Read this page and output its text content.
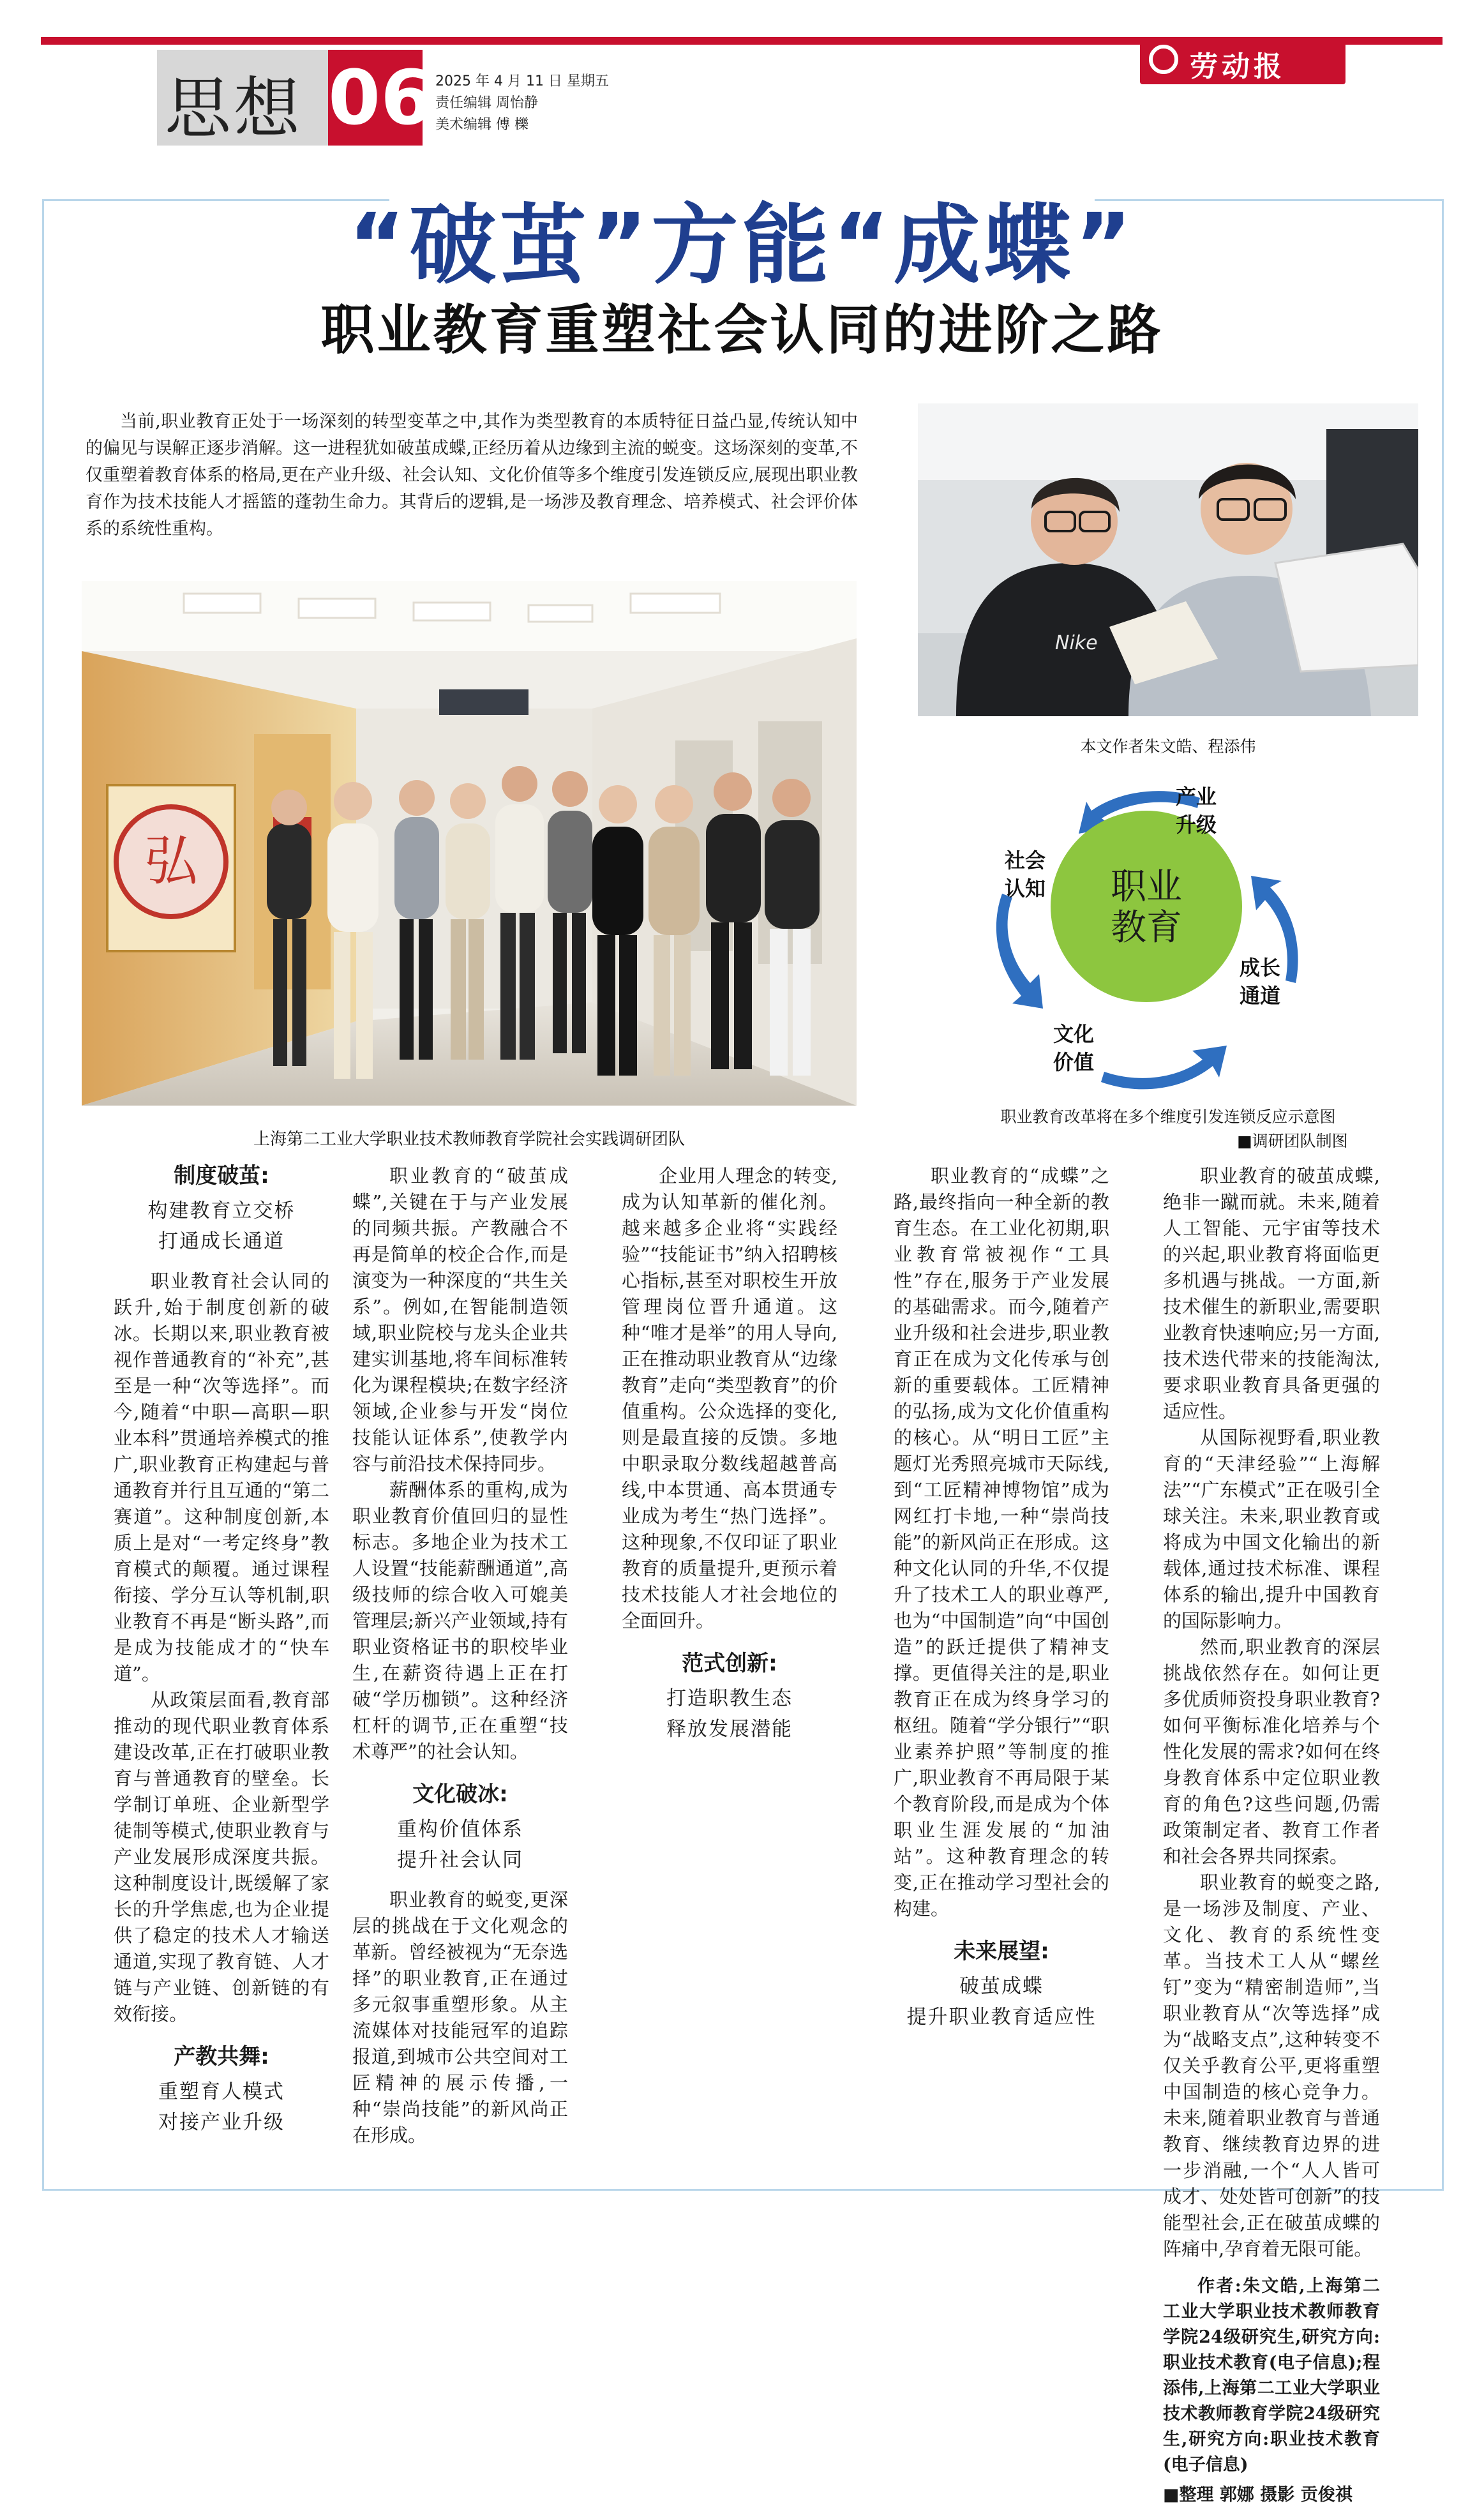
思想 06 2025 年 4 月 11 日 星期五
责任编辑 周怡静
美术编辑 傅 櫟
劳动报
“破茧”方能“成蝶”
职业教育重塑社会认同的进阶之路
当前,职业教育正处于一场深刻的转型变革之中,其作为类型教育的本质特征日益凸显,传统认知中的偏见与误解正逐步消解。这一进程犹如破茧成蝶,正经历着从边缘到主流的蜕变。这场深刻的变革,不仅重塑着教育体系的格局,更在产业升级、社会认知、文化价值等多个维度引发连锁反应,展现出职业教育作为技术技能人才摇篮的蓬勃生命力。其背后的逻辑,是一场涉及教育理念、培养模式、社会评价体系的系统性重构。
弘
上海第二工业大学职业技术教师教育学院社会实践调研团队
Nike
本文作者朱文皓、程添伟
职业
教育
产业
升级
成长
通道
文化
价值
社会
认知
职业教育改革将在多个维度引发连锁反应示意图
■调研团队制图
制度破茧:
构建教育立交桥
打通成长通道

职业教育社会认同的跃升,始于制度创新的破冰。长期以来,职业教育被视作普通教育的“补充”,甚至是一种“次等选择”。而今,随着“中职—高职—职业本科”贯通培养模式的推广,职业教育正构建起与普通教育并行且互通的“第二赛道”。这种制度创新,本质上是对“一考定终身”教育模式的颠覆。通过课程衔接、学分互认等机制,职业教育不再是“断头路”,而是成为技能成才的“快车道”。

从政策层面看,教育部推动的现代职业教育体系建设改革,正在打破职业教育与普通教育的壁垒。长学制订单班、企业新型学徒制等模式,使职业教育与产业发展形成深度共振。这种制度设计,既缓解了家长的升学焦虑,也为企业提供了稳定的技术人才输送通道,实现了教育链、人才链与产业链、创新链的有效衔接。

产教共舞:
重塑育人模式
对接产业升级

职业教育的“破茧成蝶”,关键在于与产业发展的同频共振。产教融合不再是简单的校企合作,而是演变为一种深度的“共生关系”。例如,在智能制造领域,职业院校与龙头企业共建实训基地,将车间标准转化为课程模块;在数字经济领域,企业参与开发“岗位技能认证体系”,使教学内容与前沿技术保持同步。

薪酬体系的重构,成为职业教育价值回归的显性标志。多地企业为技术工人设置“技能薪酬通道”,高级技师的综合收入可媲美管理层;新兴产业领域,持有职业资格证书的职校毕业生,在薪资待遇上正在打破“学历枷锁”。这种经济杠杆的调节,正在重塑“技术尊严”的社会认知。

文化破冰:
重构价值体系
提升社会认同

职业教育的蜕变,更深层的挑战在于文化观念的革新。曾经被视为“无奈选择”的职业教育,正在通过多元叙事重塑形象。从主流媒体对技能冠军的追踪报道,到城市公共空间对工匠精神的展示传播,一种“崇尚技能”的新风尚正在形成。

企业用人理念的转变,成为认知革新的催化剂。越来越多企业将“实践经验”“技能证书”纳入招聘核心指标,甚至对职校生开放管理岗位晋升通道。这种“唯才是举”的用人导向,正在推动职业教育从“边缘教育”走向“类型教育”的价值重构。公众选择的变化,则是最直接的反馈。多地中职录取分数线超越普高线,中本贯通、高本贯通专业成为考生“热门选择”。这种现象,不仅印证了职业教育的质量提升,更预示着技术技能人才社会地位的全面回升。

范式创新:
打造职教生态
释放发展潜能

职业教育的“成蝶”之路,最终指向一种全新的教育生态。在工业化初期,职业教育常被视作“工具性”存在,服务于产业发展的基础需求。而今,随着产业升级和社会进步,职业教育正在成为文化传承与创新的重要载体。工匠精神的弘扬,成为文化价值重构的核心。从“明日工匠”主题灯光秀照亮城市天际线,到“工匠精神博物馆”成为网红打卡地,一种“崇尚技能”的新风尚正在形成。这种文化认同的升华,不仅提升了技术工人的职业尊严,也为“中国制造”向“中国创造”的跃迁提供了精神支撑。更值得关注的是,职业教育正在成为终身学习的枢纽。随着“学分银行”“职业素养护照”等制度的推广,职业教育不再局限于某个教育阶段,而是成为个体职业生涯发展的“加油站”。这种教育理念的转变,正在推动学习型社会的构建。

未来展望:
破茧成蝶
提升职业教育适应性

职业教育的破茧成蝶,绝非一蹴而就。未来,随着人工智能、元宇宙等技术的兴起,职业教育将面临更多机遇与挑战。一方面,新技术催生的新职业,需要职业教育快速响应;另一方面,技术迭代带来的技能淘汰,要求职业教育具备更强的适应性。

从国际视野看,职业教育的“天津经验”“上海解法”“广东模式”正在吸引全球关注。未来,职业教育或将成为中国文化输出的新载体,通过技术标准、课程体系的输出,提升中国教育的国际影响力。

然而,职业教育的深层挑战依然存在。如何让更多优质师资投身职业教育?如何平衡标准化培养与个性化发展的需求?如何在终身教育体系中定位职业教育的角色?这些问题,仍需政策制定者、教育工作者和社会各界共同探索。

职业教育的蜕变之路,是一场涉及制度、产业、文化、教育的系统性变革。当技术工人从“螺丝钉”变为“精密制造师”,当职业教育从“次等选择”成为“战略支点”,这种转变不仅关乎教育公平,更将重塑中国制造的核心竞争力。未来,随着职业教育与普通教育、继续教育边界的进一步消融,一个“人人皆可成才、处处皆可创新”的技能型社会,正在破茧成蝶的阵痛中,孕育着无限可能。

作者:朱文皓,上海第二工业大学职业技术教师教育学院24级研究生,研究方向:职业技术教育(电子信息);程添伟,上海第二工业大学职业技术教师教育学院24级研究生,研究方向:职业技术教育(电子信息)
■整理 郭娜 摄影 贡俊祺
